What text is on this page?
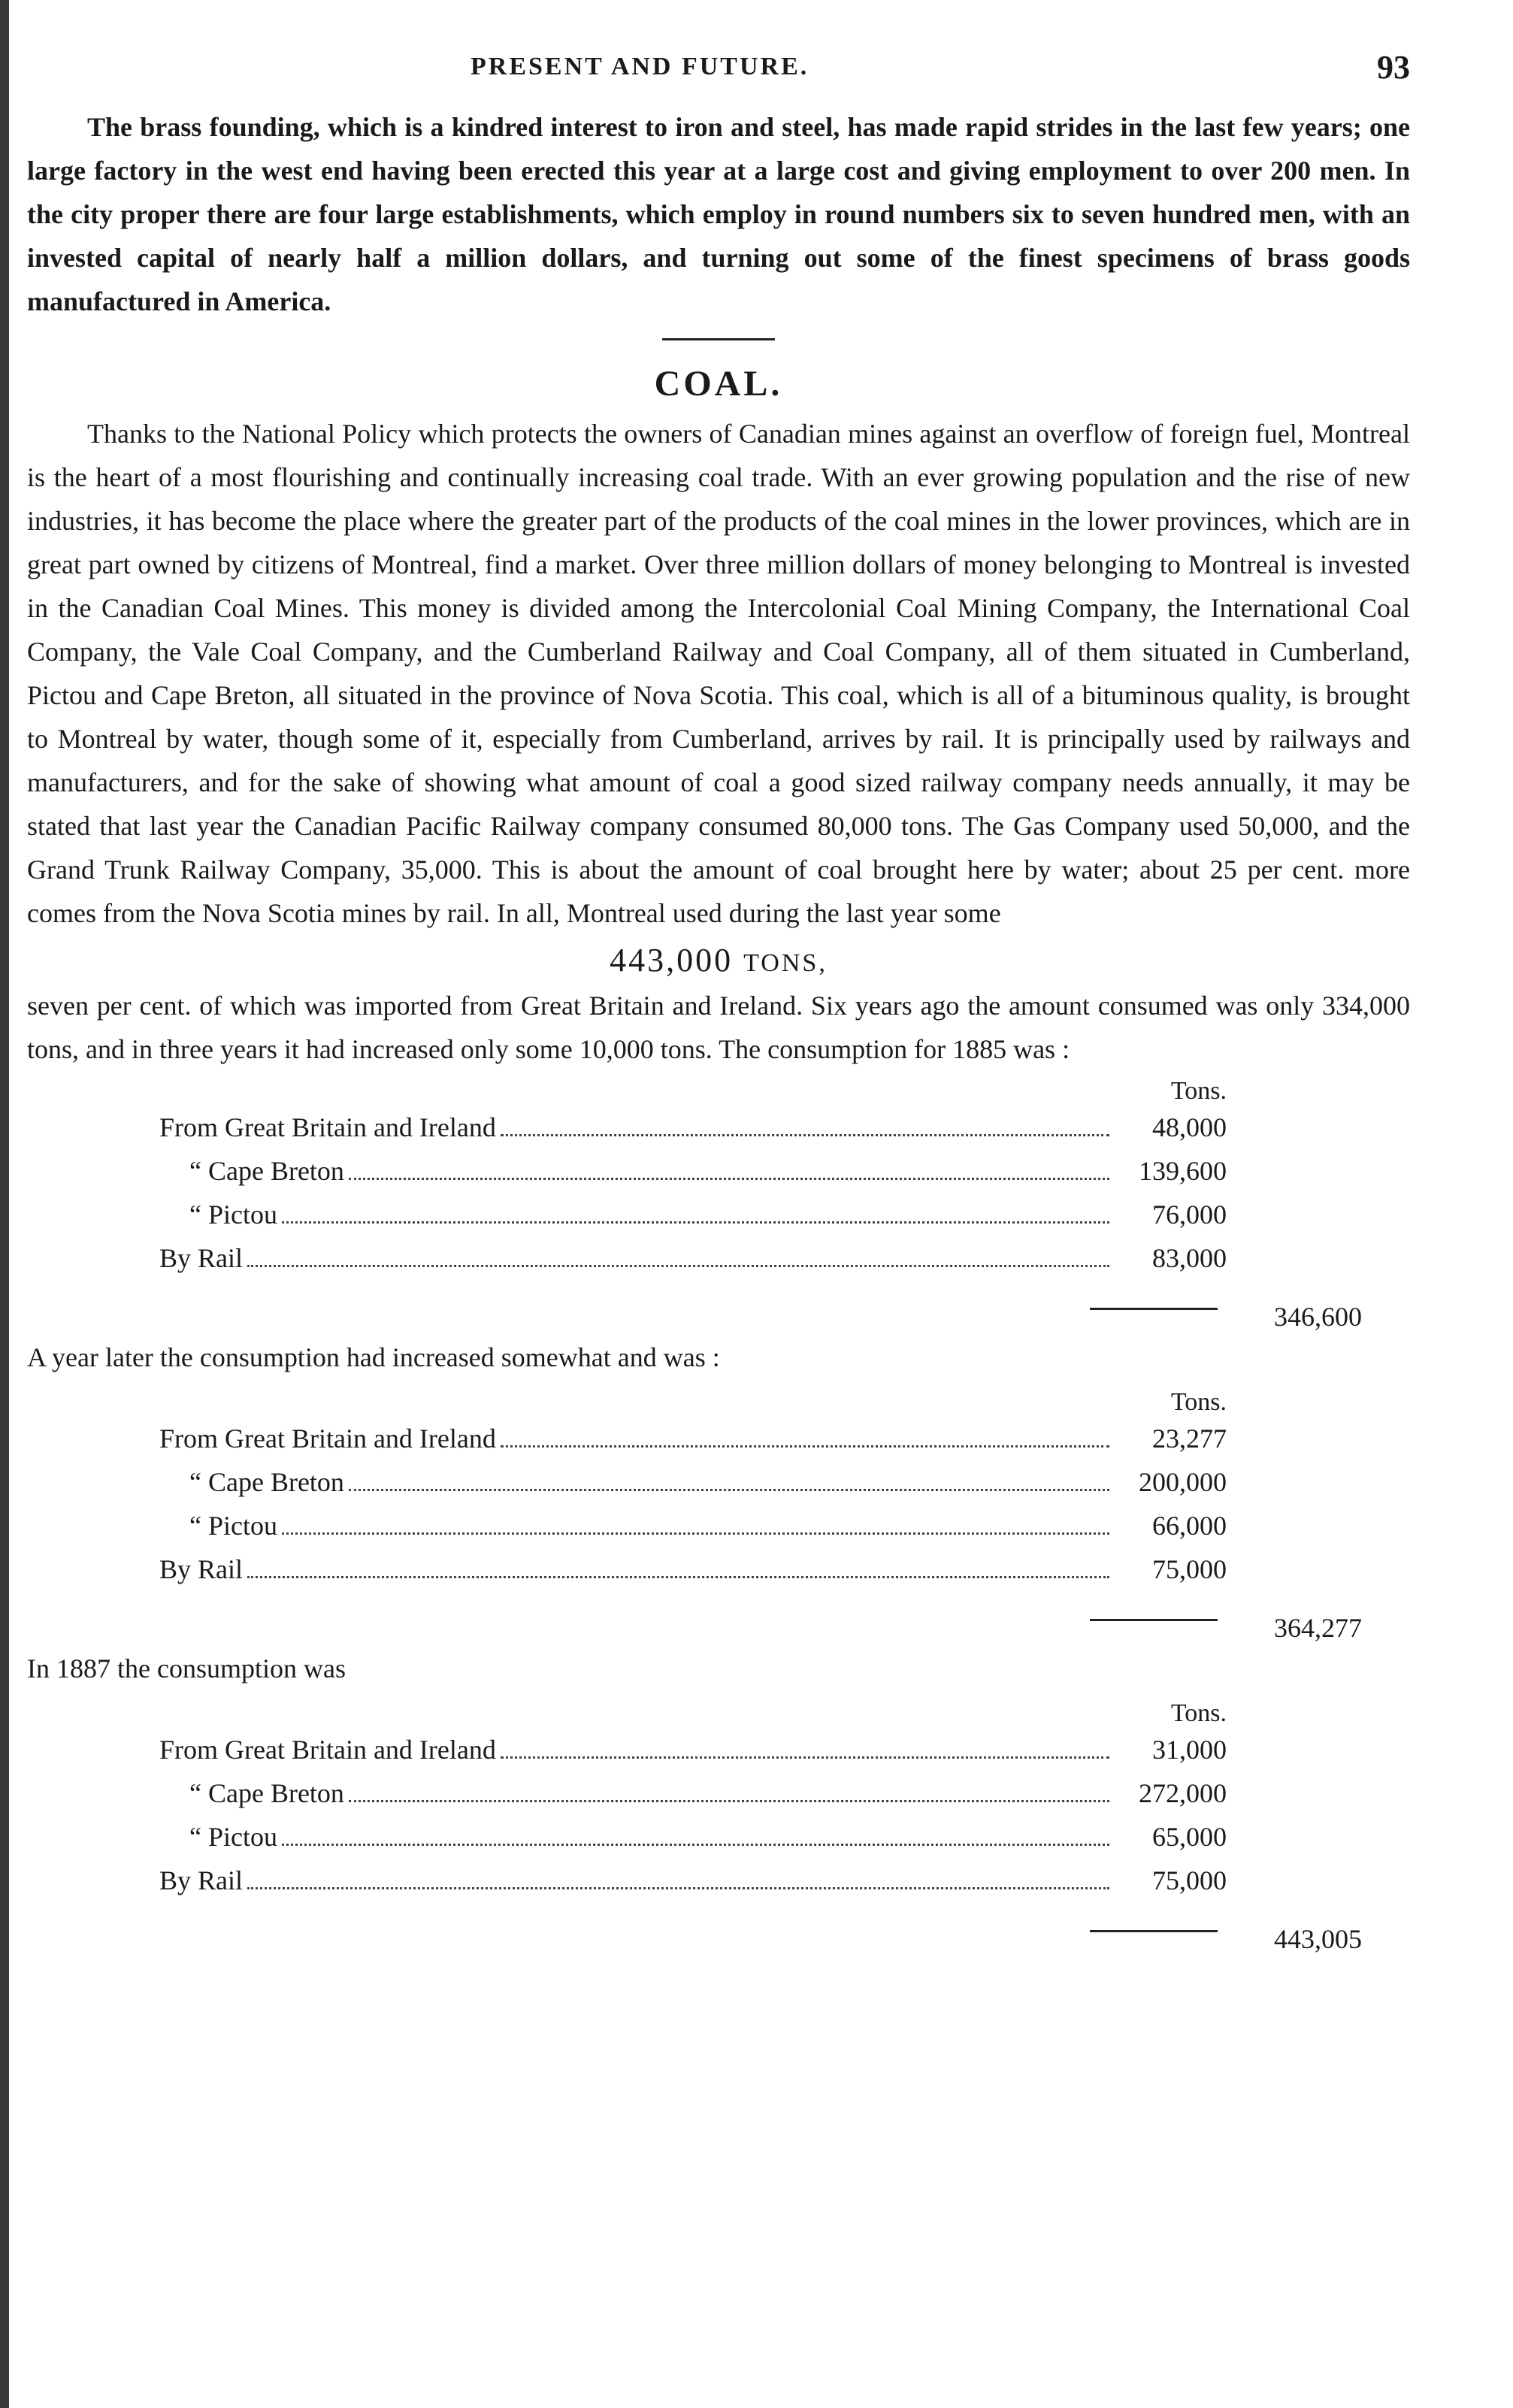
PRESENT AND FUTURE.	93

The brass founding, which is a kindred interest to iron and steel, has made rapid strides in the last few years; one large factory in the west end having been erected this year at a large cost and giving employment to over 200 men. In the city proper there are four large establishments, which employ in round numbers six to seven hundred men, with an invested capital of nearly half a million dollars, and turning out some of the finest specimens of brass goods manufactured in America.

COAL.

Thanks to the National Policy which protects the owners of Canadian mines against an overflow of foreign fuel, Montreal is the heart of a most flourishing and continually increasing coal trade. With an ever growing population and the rise of new industries, it has become the place where the greater part of the products of the coal mines in the lower provinces, which are in great part owned by citizens of Montreal, find a market. Over three million dollars of money belonging to Montreal is invested in the Canadian Coal Mines. This money is divided among the Intercolonial Coal Mining Company, the International Coal Company, the Vale Coal Company, and the Cumberland Railway and Coal Company, all of them situated in Cumberland, Pictou and Cape Breton, all situated in the province of Nova Scotia. This coal, which is all of a bituminous quality, is brought to Montreal by water, though some of it, especially from Cumberland, arrives by rail. It is principally used by railways and manufacturers, and for the sake of showing what amount of coal a good sized railway company needs annually, it may be stated that last year the Canadian Pacific Railway company consumed 80,000 tons. The Gas Company used 50,000, and the Grand Trunk Railway Company, 35,000. This is about the amount of coal brought here by water; about 25 per cent. more comes from the Nova Scotia mines by rail. In all, Montreal used during the last year some

443,000 TONS,

seven per cent. of which was imported from Great Britain and Ireland. Six years ago the amount consumed was only 334,000 tons, and in three years it had increased only some 10,000 tons. The consumption for 1885 was :

Tons.
From Great Britain and Ireland	48,000
“ Cape Breton	139,600
“ Pictou	76,000
By Rail	83,000
346,600
A year later the consumption had increased somewhat and was :
Tons.
From Great Britain and Ireland	23,277
“ Cape Breton	200,000
“ Pictou	66,000
By Rail	75,000
364,277
In 1887 the consumption was
Tons.
From Great Britain and Ireland	31,000
“ Cape Breton	272,000
“ Pictou	65,000
By Rail	75,000
443,005
